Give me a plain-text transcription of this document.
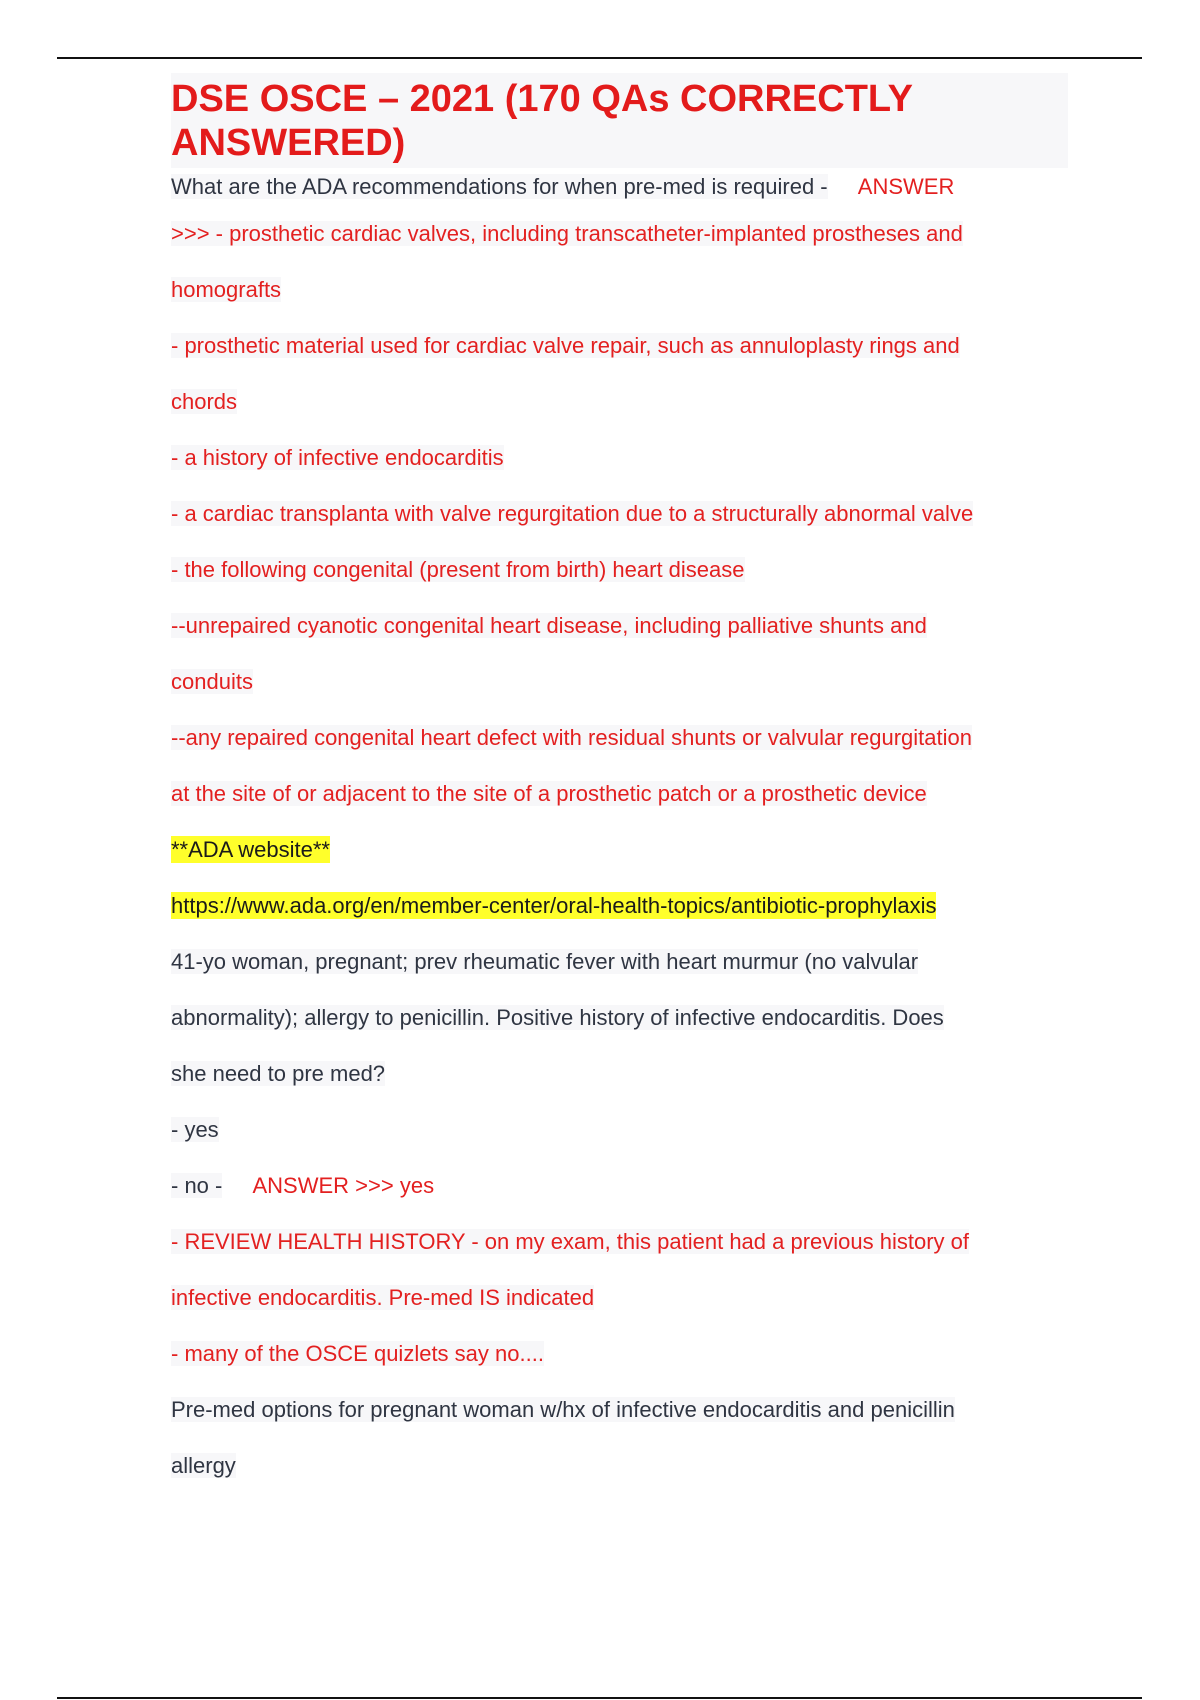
DSE OSCE – 2021 (170 QAs CORRECTLY ANSWERED)
What are the ADA recommendations for when pre-med is required - ANSWER
>>> - prosthetic cardiac valves, including transcatheter-implanted prostheses and
homografts
- prosthetic material used for cardiac valve repair, such as annuloplasty rings and
chords
- a history of infective endocarditis
- a cardiac transplanta with valve regurgitation due to a structurally abnormal valve
- the following congenital (present from birth) heart disease
--unrepaired cyanotic congenital heart disease, including palliative shunts and
conduits
--any repaired congenital heart defect with residual shunts or valvular regurgitation
at the site of or adjacent to the site of a prosthetic patch or a prosthetic device
**ADA website**
https://www.ada.org/en/member-center/oral-health-topics/antibiotic-prophylaxis
41-yo woman, pregnant; prev rheumatic fever with heart murmur (no valvular
abnormality); allergy to penicillin. Positive history of infective endocarditis. Does
she need to pre med?
- yes
- no - ANSWER >>> yes
- REVIEW HEALTH HISTORY - on my exam, this patient had a previous history of
infective endocarditis. Pre-med IS indicated
- many of the OSCE quizlets say no....
Pre-med options for pregnant woman w/hx of infective endocarditis and penicillin
allergy
